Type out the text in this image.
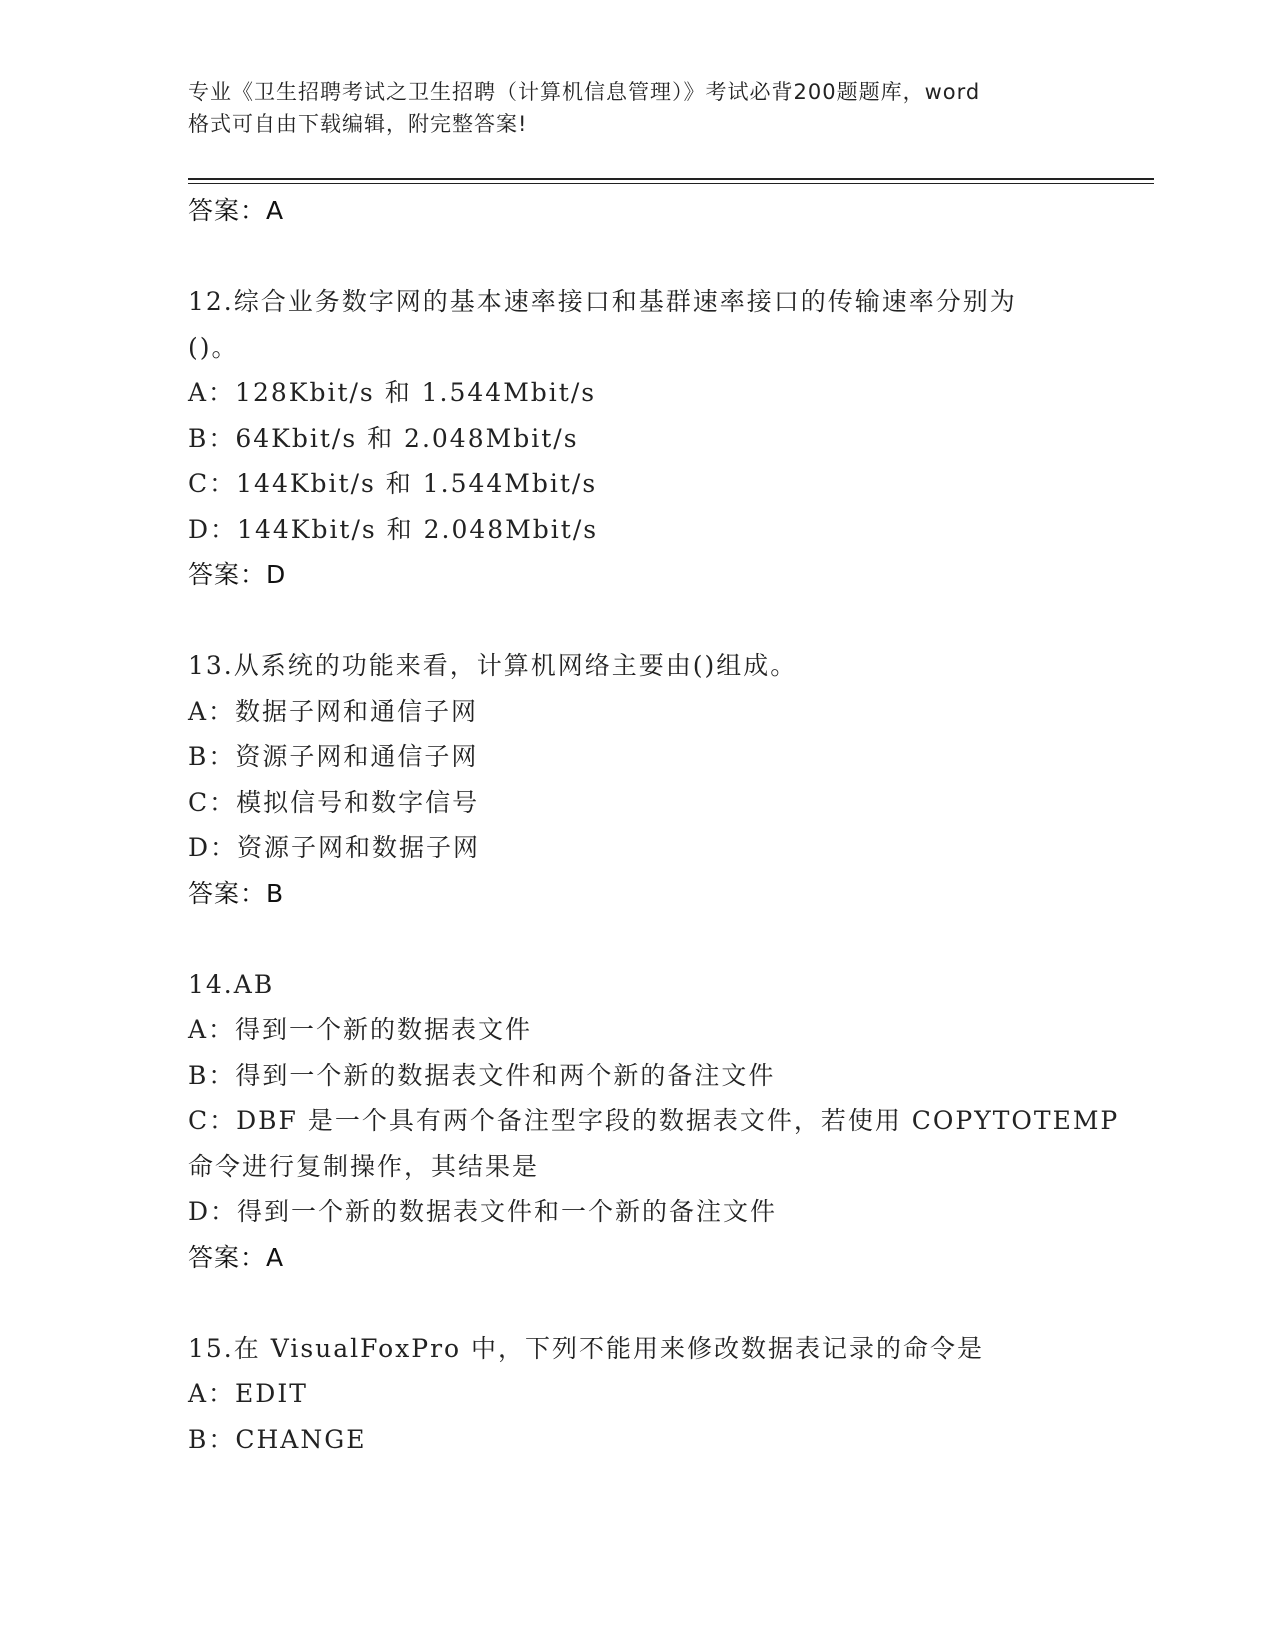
专业《卫生招聘考试之卫生招聘（计算机信息管理）》考试必背200题题库，word
格式可自由下载编辑，附完整答案!
答案：A
12.综合业务数字网的基本速率接口和基群速率接口的传输速率分别为
()。
A：128Kbit/s 和 1.544Mbit/s
B：64Kbit/s 和 2.048Mbit/s
C：144Kbit/s 和 1.544Mbit/s
D：144Kbit/s 和 2.048Mbit/s
答案：D
13.从系统的功能来看，计算机网络主要由()组成。
A：数据子网和通信子网
B：资源子网和通信子网
C：模拟信号和数字信号
D：资源子网和数据子网
答案：B
14.AB
A：得到一个新的数据表文件
B：得到一个新的数据表文件和两个新的备注文件
C：DBF 是一个具有两个备注型字段的数据表文件，若使用 COPYTOTEMP
命令进行复制操作，其结果是
D：得到一个新的数据表文件和一个新的备注文件
答案：A
15.在 VisualFoxPro 中，下列不能用来修改数据表记录的命令是
A：EDIT
B：CHANGE
